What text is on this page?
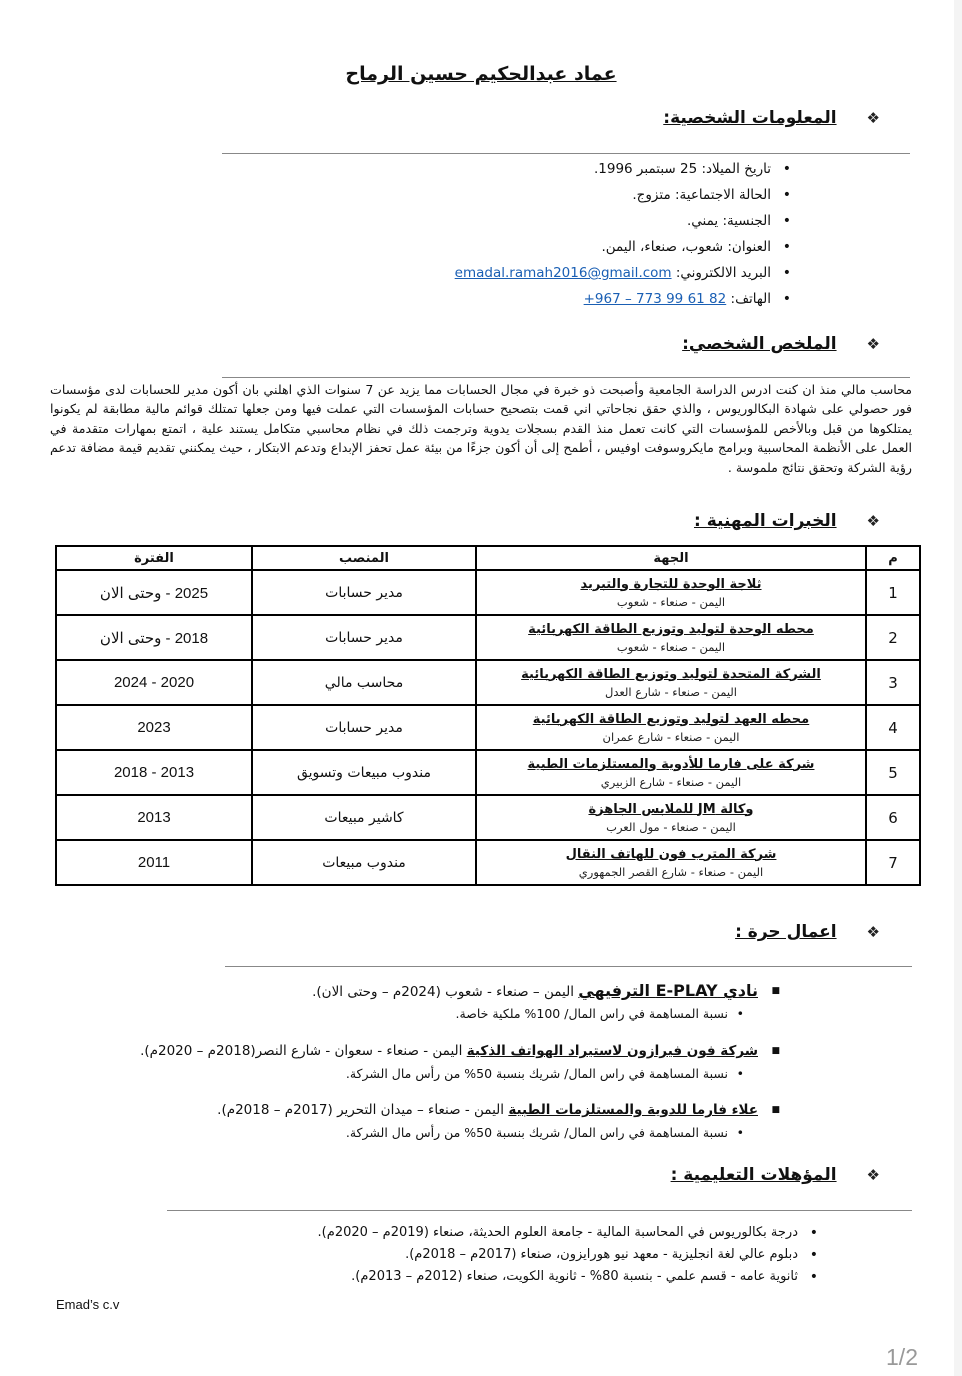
عماد عبدالحكيم حسين الرماح
❖
المعلومات الشخصية:
• تاريخ الميلاد: 25 سبتمبر 1996.
• الحالة الاجتماعية: متزوج.
• الجنسية: يمني.
• العنوان: شعوب، صنعاء، اليمن.
• البريد الالكتروني: emadal.ramah2016@gmail.com
• الهاتف: +967 – 773 99 61 82
❖
الملخص الشخصي:
محاسب مالي منذ ان كنت ادرس الدراسة الجامعية وأصبحت ذو خبرة في مجال الحسابات مما يزيد عن 7 سنوات الذي اهلني بان أكون مدير للحسابات لدى مؤسسات فور حصولي على شهادة البكالوريوس ، والذي حقق نجاحاتي اني قمت بتصحيح حسابات المؤسسات التي عملت فيها ومن جعلها تمتلك قوائم مالية مطابقة لم يكونوا يمتلكوها من قبل وبالأخص للمؤسسات التي كانت تعمل منذ القدم بسجلات يدوية وترجمت ذلك في نظام محاسبي متكامل يستند علية ، اتمتع بمهارات متقدمة في العمل على الأنظمة المحاسبية وبرامج مايكروسوفت اوفيس ، أطمح إلى أن أكون جزءًا من بيئة عمل تحفز الإبداع وتدعم الابتكار ، حيث يمكنني تقديم قيمة مضافة تدعم رؤية الشركة وتحقق نتائج ملموسة .
❖
الخبرات المهنية :
م	الجهة	المنصب	الفترة
1	ثلاجة الوحدة للتجارة والتبريد
اليمن - صنعاء - شعوب	مدير حسابات	2025 - وحتى الان
2	محطه الوحدة لتوليد وتوزيع الطاقة الكهربائية
اليمن - صنعاء - شعوب	مدير حسابات	2018 - وحتى الان
3	الشركة المتحدة لتوليد وتوزيع الطاقة الكهربائية
اليمن - صنعاء - شارع العدل	محاسب مالي	2020 - 2024
4	محطه العهد لتوليد وتوزيع الطاقة الكهربائية
اليمن - صنعاء - شارع عمران	مدير حسابات	2023
5	شركة على فارما للأدوية والمستلزمات الطبية
اليمن - صنعاء - شارع الزبيري	مندوب مبيعات وتسويق	2013 - 2018
6	وكالة JM للملابس الجاهزة
اليمن - صنعاء - مول العرب	كاشير مبيعات	2013
7	شركة المترب فون للهاتف النقال
اليمن - صنعاء - شارع القصر الجمهوري	مندوب مبيعات	2011
❖
اعمال حرة :
■ نادي E-PLAY الترفيهي اليمن – صنعاء - شعوب (2024م – وحتى الان).
• نسبة المساهمة في راس المال/ 100% ملكية خاصة.
■ شركة فون فيرازون لاستيراد الهواتف الذكية اليمن - صنعاء - سعوان - شارع النصر(2018م – 2020م).
• نسبة المساهمة في راس المال/ شريك بنسبة 50% من رأس مال الشركة.
■ علاء فارما للدوية والمستلزمات الطبية اليمن - صنعاء – ميدان التحرير (2017م – 2018م).
• نسبة المساهمة في راس المال/ شريك بنسبة 50% من رأس مال الشركة.
❖
المؤهلات التعليمية :
• درجة بكالوريوس في المحاسبة المالية - جامعة العلوم الحديثة، صنعاء (2019م – 2020م).
• دبلوم عالي لغة انجليزية - معهد نيو هورايزون، صنعاء (2017م – 2018م).
• ثانوية عامه - قسم علمي - بنسبة 80% - ثانوية الكويت، صنعاء (2012م – 2013م).
Emad’s c.v
1/2
